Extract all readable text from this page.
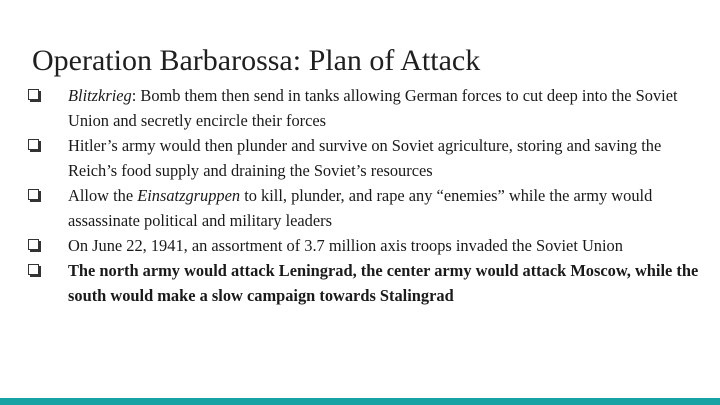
Operation Barbarossa: Plan of Attack
Blitzkrieg: Bomb them then send in tanks allowing German forces to cut deep into the Soviet Union and secretly encircle their forces
Hitler’s army would then plunder and survive on Soviet agriculture, storing and saving the Reich’s food supply and draining the Soviet’s resources
Allow the Einsatzgruppen to kill, plunder, and rape any “enemies” while the army would assassinate political and military leaders
On June 22, 1941, an assortment of 3.7 million axis troops invaded the Soviet Union
The north army would attack Leningrad, the center army would attack Moscow, while the south would make a slow campaign towards Stalingrad
